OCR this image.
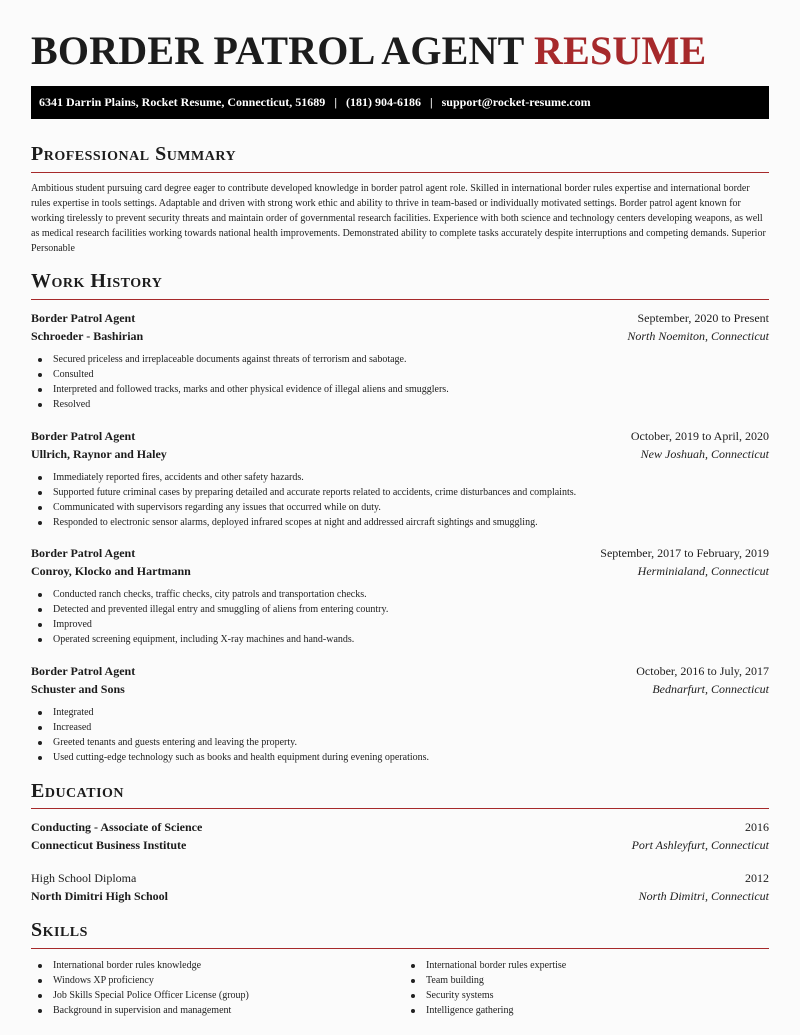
BORDER PATROL AGENT RESUME
6341 Darrin Plains, Rocket Resume, Connecticut, 51689 | (181) 904-6186 | support@rocket-resume.com
Professional Summary

Ambitious student pursuing card degree eager to contribute developed knowledge in border patrol agent role. Skilled in international border rules expertise and international border rules expertise in tools settings. Adaptable and driven with strong work ethic and ability to thrive in team-based or individually motivated settings. Border patrol agent known for working tirelessly to prevent security threats and maintain order of governmental research facilities. Experience with both science and technology centers developing weapons, as well as medical research facilities working towards national health improvements. Demonstrated ability to complete tasks accurately despite interruptions and competing demands. Superior Personable

Work History
Border Patrol Agent	September, 2020 to Present
Schroeder - Bashirian	North Noemiton, Connecticut
Secured priceless and irreplaceable documents against threats of terrorism and sabotage.
Consulted
Interpreted and followed tracks, marks and other physical evidence of illegal aliens and smugglers.
Resolved
Border Patrol Agent	October, 2019 to April, 2020
Ullrich, Raynor and Haley	New Joshuah, Connecticut
Immediately reported fires, accidents and other safety hazards.
Supported future criminal cases by preparing detailed and accurate reports related to accidents, crime disturbances and complaints.
Communicated with supervisors regarding any issues that occurred while on duty.
Responded to electronic sensor alarms, deployed infrared scopes at night and addressed aircraft sightings and smuggling.
Border Patrol Agent	September, 2017 to February, 2019
Conroy, Klocko and Hartmann	Herminialand, Connecticut
Conducted ranch checks, traffic checks, city patrols and transportation checks.
Detected and prevented illegal entry and smuggling of aliens from entering country.
Improved
Operated screening equipment, including X-ray machines and hand-wands.
Border Patrol Agent	October, 2016 to July, 2017
Schuster and Sons	Bednarfurt, Connecticut
Integrated
Increased
Greeted tenants and guests entering and leaving the property.
Used cutting-edge technology such as books and health equipment during evening operations.
Education
Conducting - Associate of Science	2016
Connecticut Business Institute	Port Ashleyfurt, Connecticut
High School Diploma	2012
North Dimitri High School	North Dimitri, Connecticut
Skills
International border rules knowledge
Windows XP proficiency
Job Skills Special Police Officer License (group)
Background in supervision and management
International border rules expertise
Team building
Security systems
Intelligence gathering
